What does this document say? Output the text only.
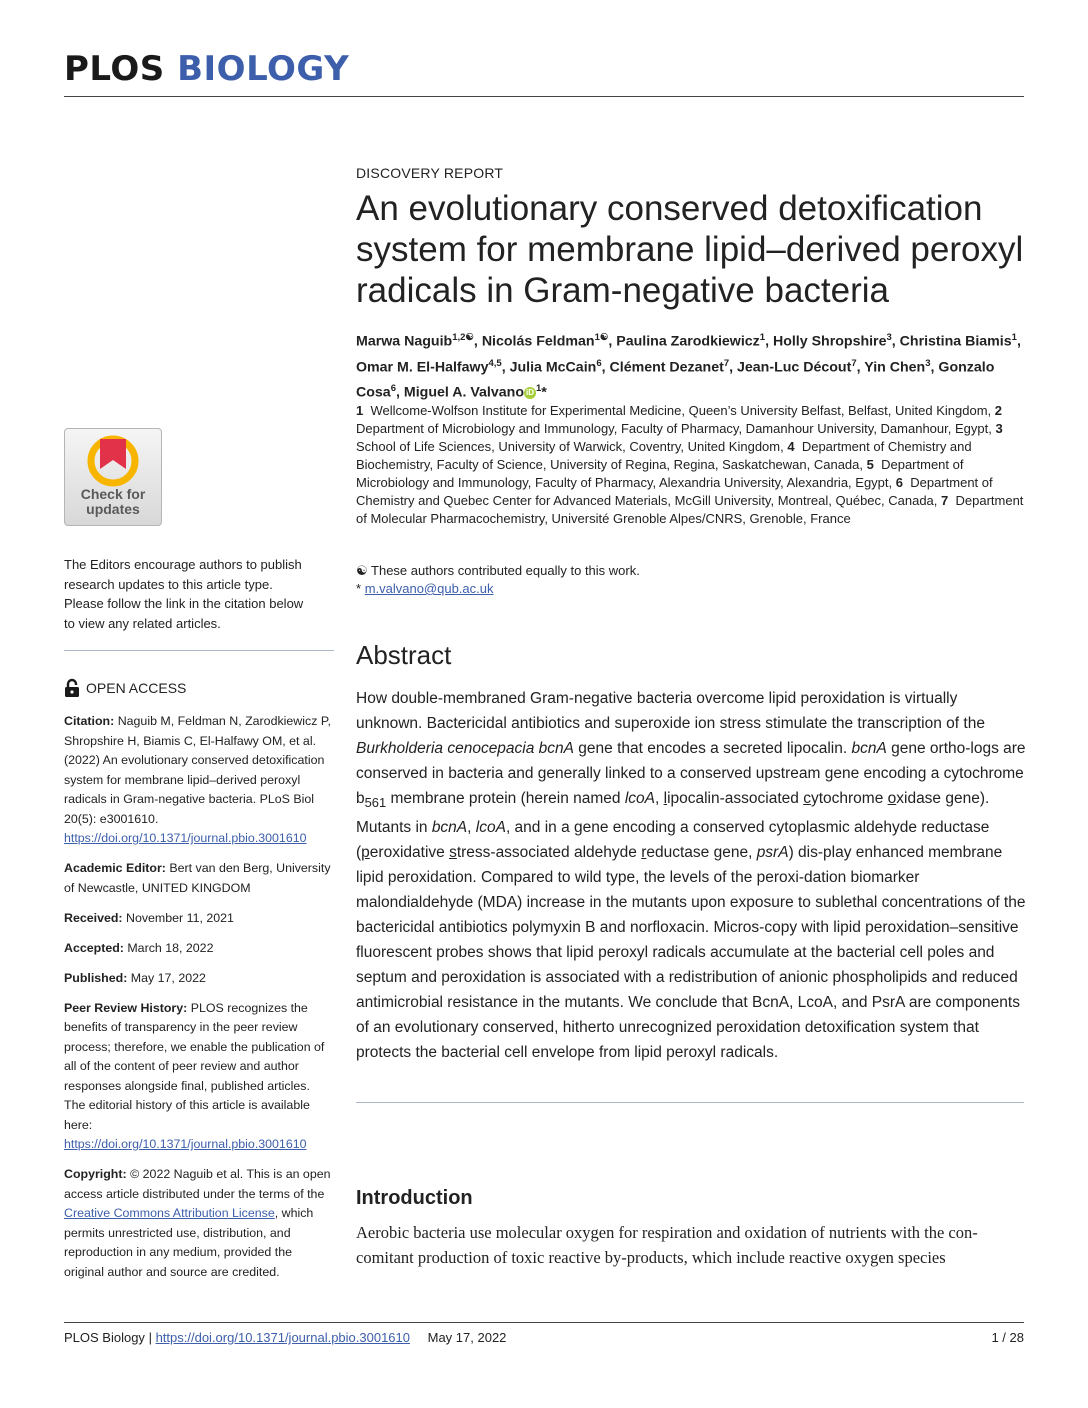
PLOS BIOLOGY
Check for
updates
The Editors encourage authors to publish research updates to this article type. Please follow the link in the citation below to view any related articles.
OPEN ACCESS

Citation: Naguib M, Feldman N, Zarodkiewicz P, Shropshire H, Biamis C, El-Halfawy OM, et al. (2022) An evolutionary conserved detoxification system for membrane lipid–derived peroxyl radicals in Gram-negative bacteria. PLoS Biol 20(5): e3001610. https://doi.org/10.1371/journal.pbio.3001610

Academic Editor: Bert van den Berg, University of Newcastle, UNITED KINGDOM

Received: November 11, 2021

Accepted: March 18, 2022

Published: May 17, 2022

Peer Review History: PLOS recognizes the benefits of transparency in the peer review process; therefore, we enable the publication of all of the content of peer review and author responses alongside final, published articles. The editorial history of this article is available here: https://doi.org/10.1371/journal.pbio.3001610

Copyright: © 2022 Naguib et al. This is an open access article distributed under the terms of the Creative Commons Attribution License, which permits unrestricted use, distribution, and reproduction in any medium, provided the original author and source are credited.

DISCOVERY REPORT
An evolutionary conserved detoxification system for membrane lipid–derived peroxyl radicals in Gram-negative bacteria
Marwa Naguib$^{1,2☯}$, Nicolás Feldman$^{1☯}$, Paulina Zarodkiewicz$^1$, Holly Shropshire$^3$, Christina Biamis$^1$, Omar M. El-Halfawy$^{4,5}$, Julia McCain$^6$, Clément Dezanet$^7$, Jean-Luc Décout$^7$, Yin Chen$^3$, Gonzalo Cosa$^6$, Miguel A. Valvano iD $^1$*
1 Wellcome-Wolfson Institute for Experimental Medicine, Queen’s University Belfast, Belfast, United Kingdom, 2  Department of Microbiology and Immunology, Faculty of Pharmacy, Damanhour University, Damanhour, Egypt, 3  School of Life Sciences, University of Warwick, Coventry, United Kingdom, 4 Department of Chemistry and Biochemistry, Faculty of Science, University of Regina, Regina, Saskatchewan, Canada, 5 Department of Microbiology and Immunology, Faculty of Pharmacy, Alexandria University, Alexandria, Egypt, 6 Department of Chemistry and Quebec Center for Advanced Materials, McGill University, Montreal, Québec, Canada, 7 Department of Molecular Pharmacochemistry, Université Grenoble Alpes/CNRS, Grenoble, France
☯ These authors contributed equally to this work.
* m.valvano@qub.ac.uk
Abstract

How double-membraned Gram-negative bacteria overcome lipid peroxidation is virtually unknown. Bactericidal antibiotics and superoxide ion stress stimulate the transcription of the Burkholderia cenocepacia bcnA gene that encodes a secreted lipocalin. bcnA gene ortho-logs are conserved in bacteria and generally linked to a conserved upstream gene encoding a cytochrome $b_{561}$ membrane protein (herein named lcoA, lipocalin-associated cytochrome oxidase gene). Mutants in bcnA, lcoA, and in a gene encoding a conserved cytoplasmic aldehyde reductase (peroxidative stress-associated aldehyde reductase gene, psrA) dis-play enhanced membrane lipid peroxidation. Compared to wild type, the levels of the peroxi-dation biomarker malondialdehyde (MDA) increase in the mutants upon exposure to sublethal concentrations of the bactericidal antibiotics polymyxin B and norfloxacin. Micros-copy with lipid peroxidation–sensitive fluorescent probes shows that lipid peroxyl radicals accumulate at the bacterial cell poles and septum and peroxidation is associated with a redistribution of anionic phospholipids and reduced antimicrobial resistance in the mutants. We conclude that BcnA, LcoA, and PsrA are components of an evolutionary conserved, hitherto unrecognized peroxidation detoxification system that protects the bacterial cell envelope from lipid peroxyl radicals.

Introduction

Aerobic bacteria use molecular oxygen for respiration and oxidation of nutrients with the con-comitant production of toxic reactive by-products, which include reactive oxygen species

PLOS Biology | https://doi.org/10.1371/journal.pbio.3001610 May 17, 2022	1 / 28
